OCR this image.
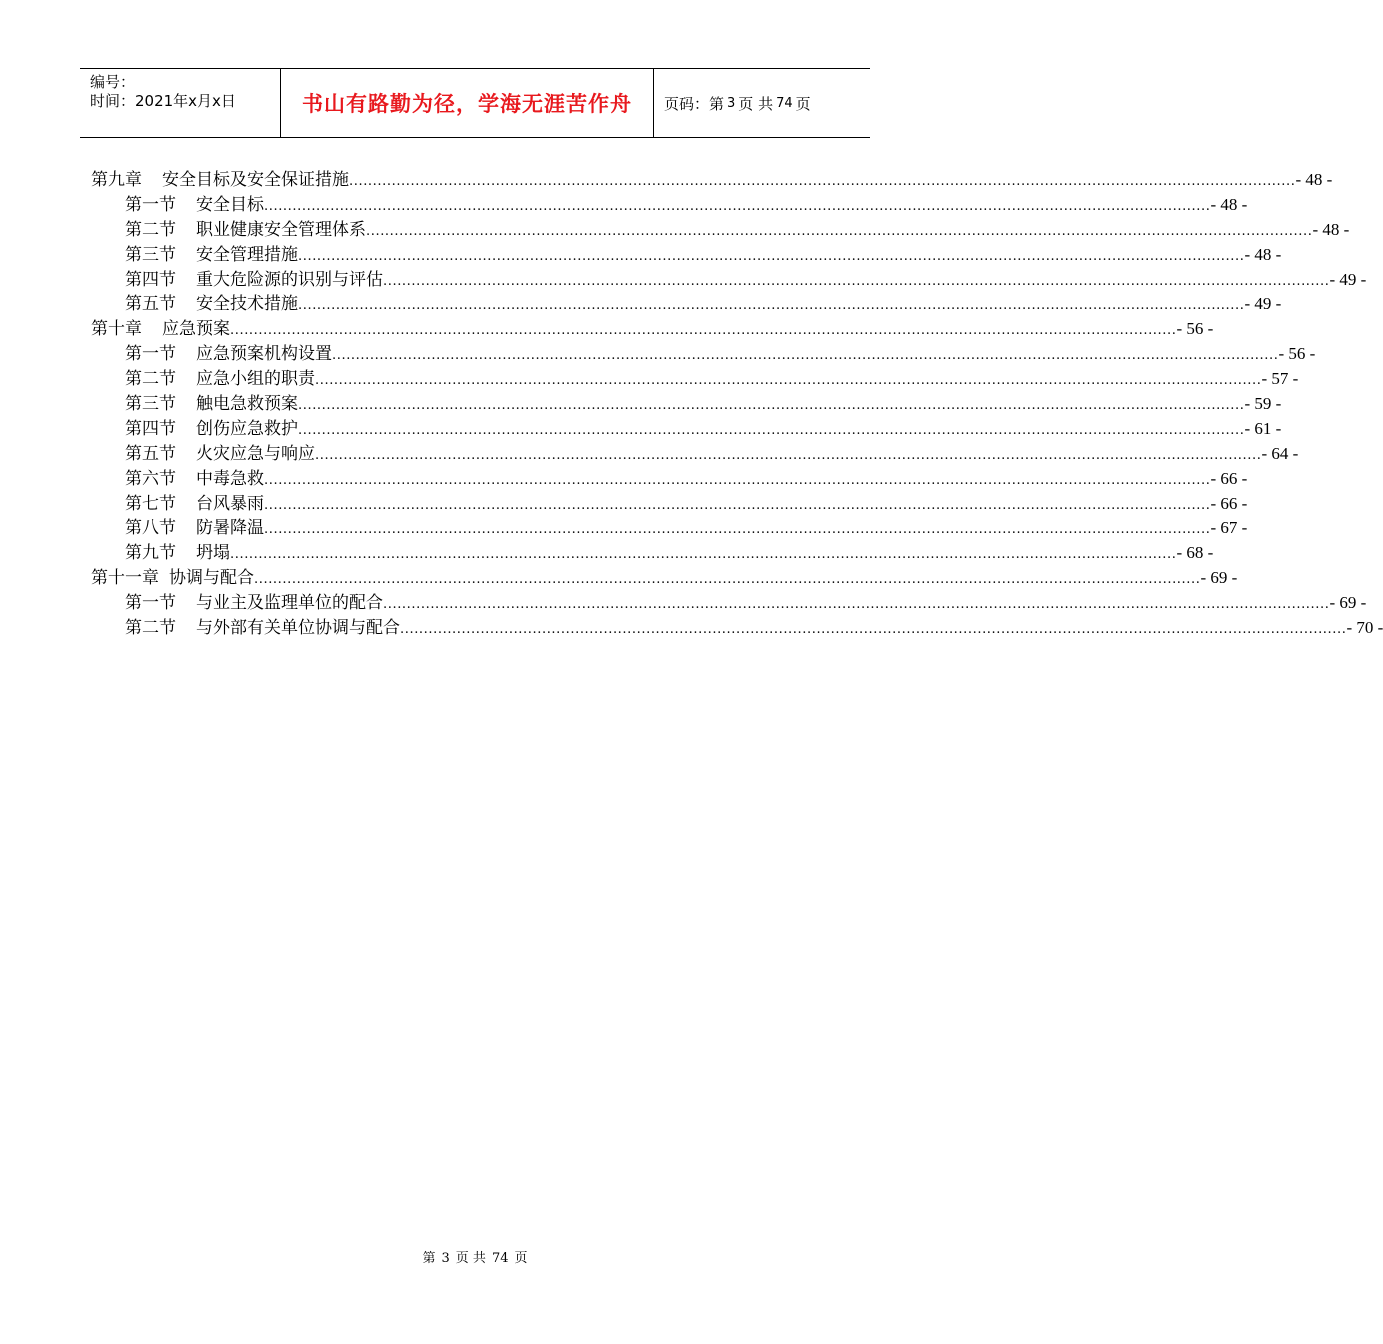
编号：
时间：2021年x月x日	书山有路勤为径，学海无涯苦作舟	页码：第 3 页 共 74 页
第九章 安全目标及安全保证措施 ........................................................................................................................................................................................................ - 48 -
第一节 安全目标 ........................................................................................................................................................................................................ - 48 -
第二节 职业健康安全管理体系 ........................................................................................................................................................................................................ - 48 -
第三节 安全管理措施 ........................................................................................................................................................................................................ - 48 -
第四节 重大危险源的识别与评估 ........................................................................................................................................................................................................ - 49 -
第五节 安全技术措施 ........................................................................................................................................................................................................ - 49 -
第十章 应急预案 ........................................................................................................................................................................................................ - 56 -
第一节 应急预案机构设置 ........................................................................................................................................................................................................ - 56 -
第二节 应急小组的职责 ........................................................................................................................................................................................................ - 57 -
第三节 触电急救预案 ........................................................................................................................................................................................................ - 59 -
第四节 创伤应急救护 ........................................................................................................................................................................................................ - 61 -
第五节 火灾应急与响应 ........................................................................................................................................................................................................ - 64 -
第六节 中毒急救 ........................................................................................................................................................................................................ - 66 -
第七节 台风暴雨 ........................................................................................................................................................................................................ - 66 -
第八节 防暑降温 ........................................................................................................................................................................................................ - 67 -
第九节 坍塌 ........................................................................................................................................................................................................ - 68 -
第十一章 协调与配合 ........................................................................................................................................................................................................ - 69 -
第一节 与业主及监理单位的配合 ........................................................................................................................................................................................................ - 69 -
第二节 与外部有关单位协调与配合 ........................................................................................................................................................................................................ - 70 -
第 3 页 共 74 页
